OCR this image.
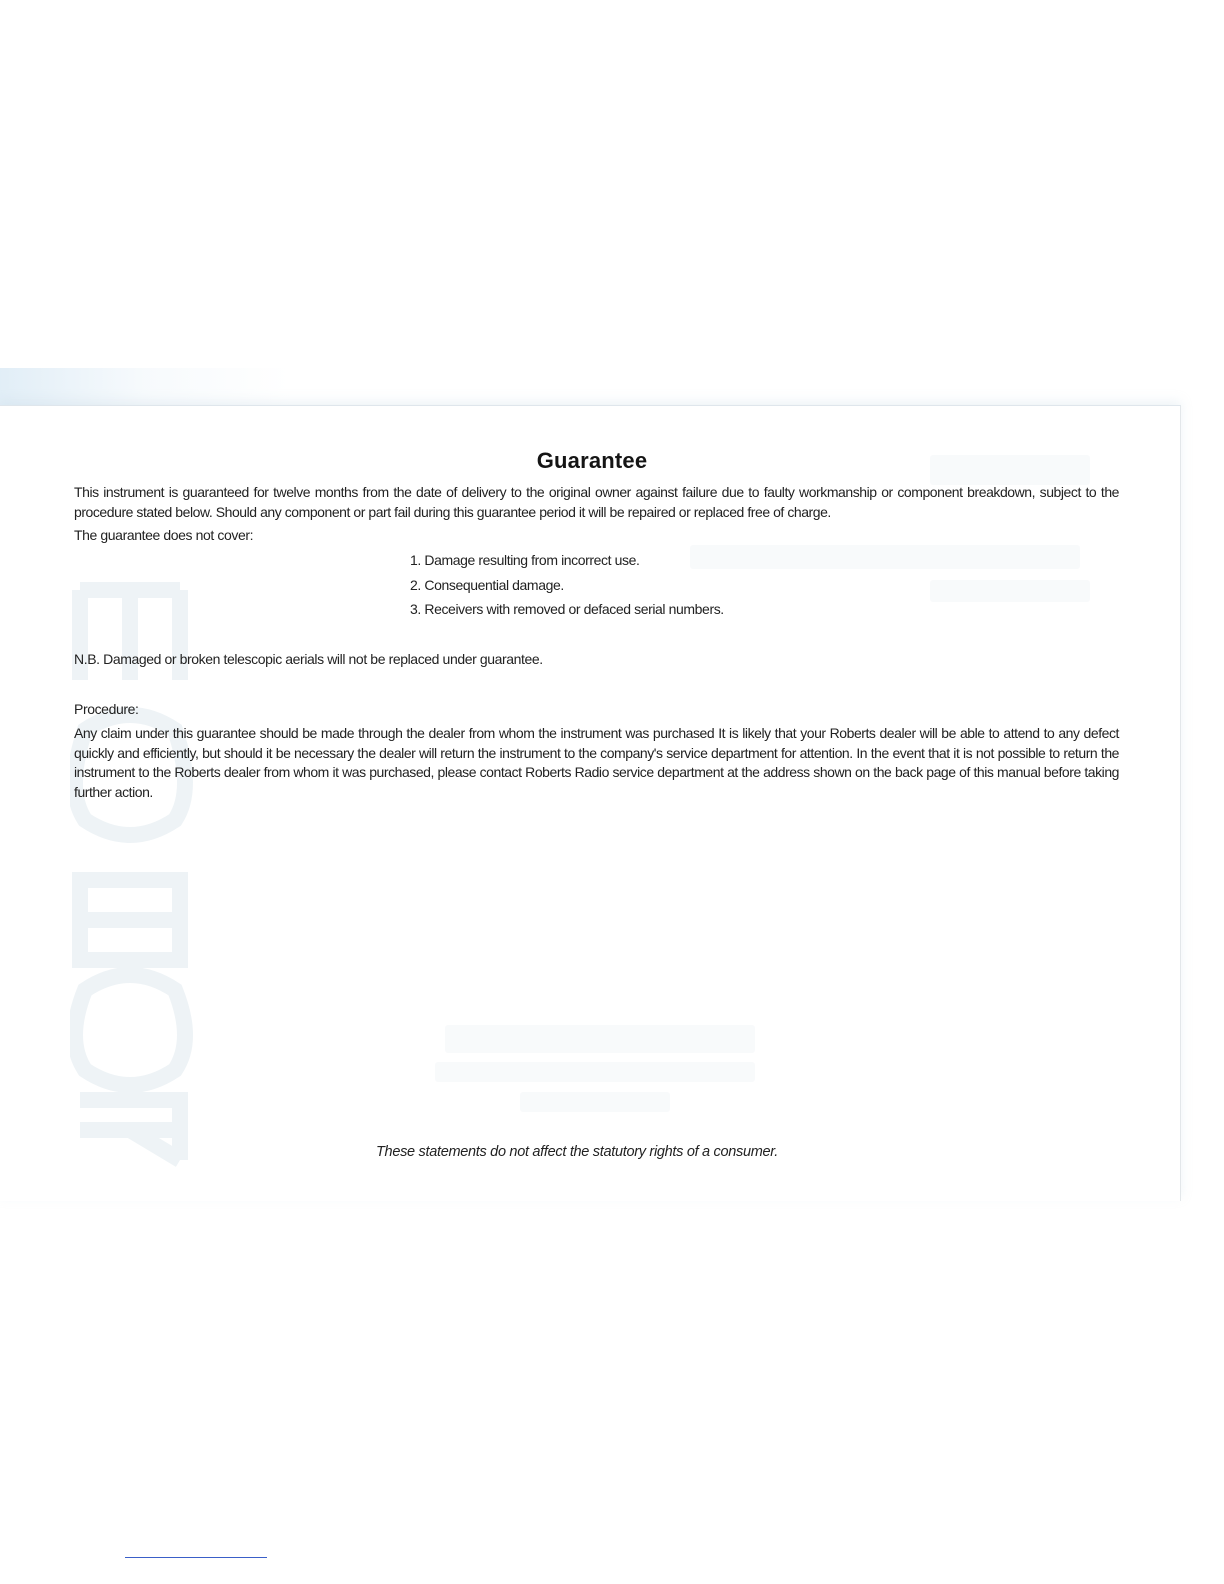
Guarantee
This instrument is guaranteed for twelve months from the date of delivery to the original owner against failure due to faulty workmanship or component breakdown, subject to the procedure stated below. Should any component or part fail during this guarantee period it will be repaired or replaced free of charge.
The guarantee does not cover:
1. Damage resulting from incorrect use.
2. Consequential damage.
3. Receivers with removed or defaced serial numbers.
N.B. Damaged or broken telescopic aerials will not be replaced under guarantee.
Procedure:
Any claim under this guarantee should be made through the dealer from whom the instrument was purchased It is likely that your Roberts dealer will be able to attend to any defect quickly and efficiently, but should it be necessary the dealer will return the instrument to the company's service department for attention. In the event that it is not possible to return the instrument to the Roberts dealer from whom it was purchased, please contact Roberts Radio service department at the address shown on the back page of this manual before taking further action.
These statements do not affect the statutory rights of a consumer.
